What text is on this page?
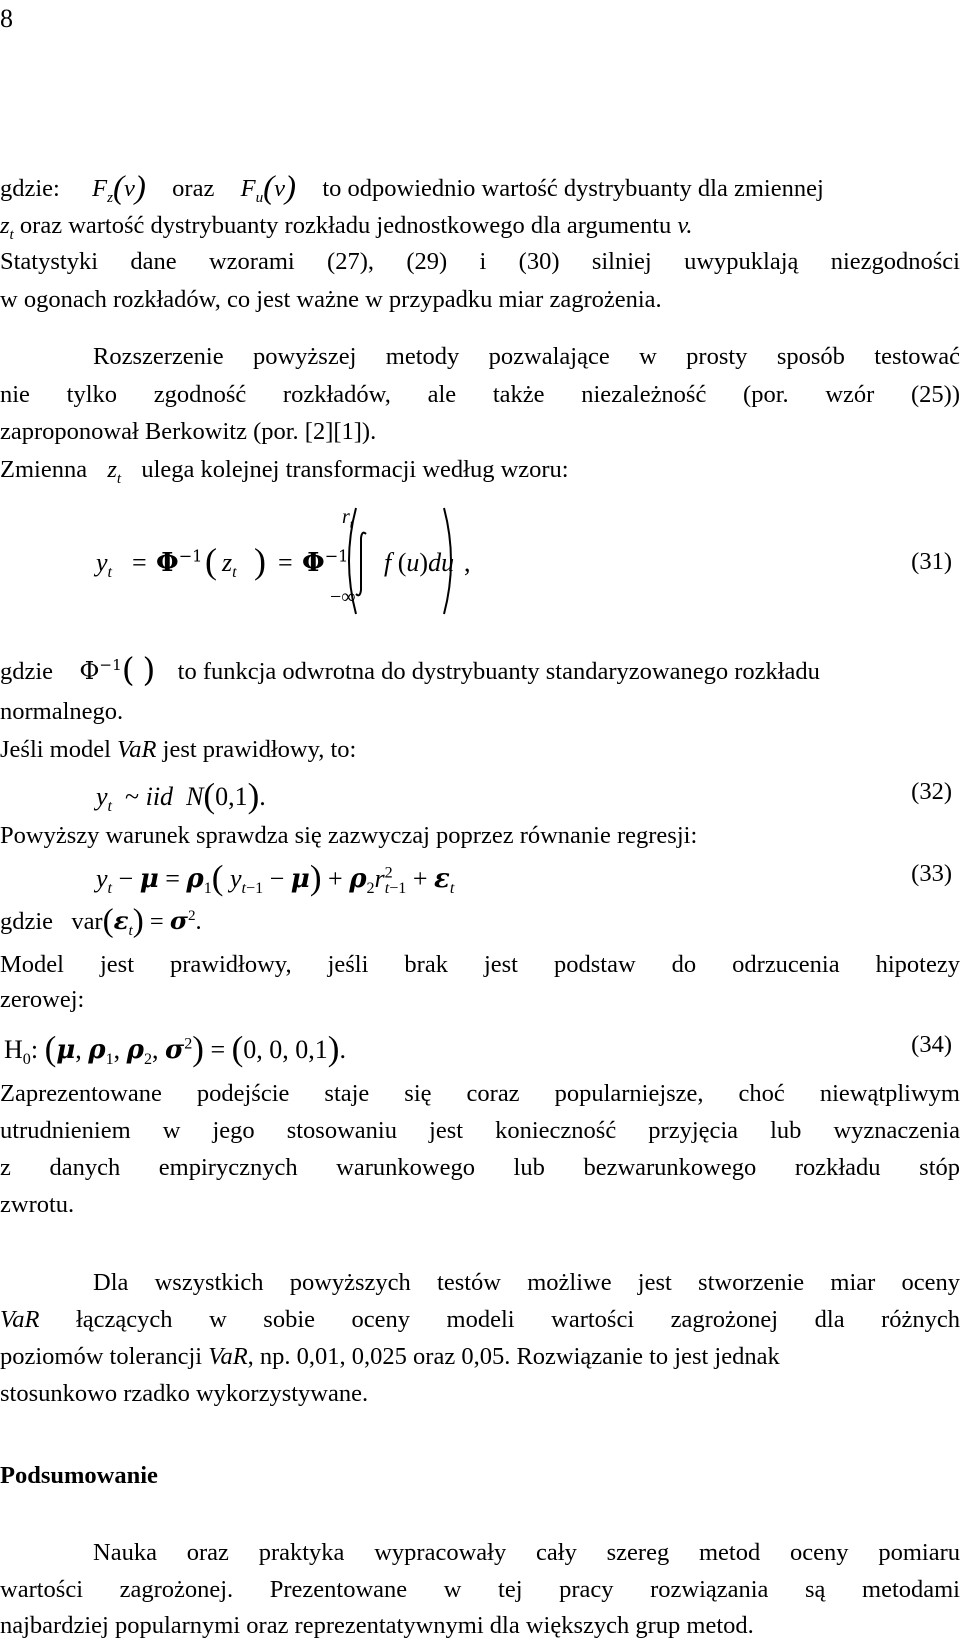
8
gdzie: $F_z(v)$ oraz $F_u(v)$ to odpowiednio wartość dystrybuanty dla zmiennej
$z_t$ oraz wartość dystrybuanty rozkładu jednostkowego dla argumentu v.
Statystyki dane wzorami (27), (29) i (30) silniej uwypuklają niezgodności
w ogonach rozkładów, co jest ważne w przypadku miar zagrożenia.
Rozszerzenie powyższej metody pozwalające w prosty sposób testować
nie tylko zgodność rozkładów, ale także niezależność (por. wzór (25))
zaproponował Berkowitz (por. [2][1]).
Zmienna $z_t$ ulega kolejnej transformacji według wzoru:
$y_t = \Phi^{-1}$ ( $z_t$ ) = $\Phi^{-1}$
$r_t$
−∞
f (u)du ,	(31)
gdzie $\Phi^{-1}$( ) to funkcja odwrotna do dystrybuanty standaryzowanego rozkładu
normalnego.
Jeśli model VaR jest prawidłowy, to:
$y_t$  ~ iid N(0,1).	(32)
Powyższy warunek sprawdza się zazwyczaj poprzez równanie regresji:
$y_t - \mu = \rho_1$( $y_{t-1} - \mu) + \rho_2r^2_{t-1} + \varepsilon_t$
(33)
gdzie $var(\varepsilon_t) = \sigma^2$.
Model jest prawidłowy, jeśli brak jest podstaw do odrzucenia hipotezy
zerowej:
$H_0$: (μ, $\rho_1$, $\rho_2$, $\sigma^2) = (0$, 0, 0,1).	(34)
Zaprezentowane podejście staje się coraz popularniejsze, choć niewątpliwym
utrudnieniem w jego stosowaniu jest konieczność przyjęcia lub wyznaczenia
z danych empirycznych warunkowego lub bezwarunkowego rozkładu stóp
zwrotu.
Dla wszystkich powyższych testów możliwe jest stworzenie miar oceny
VaR łączących w sobie oceny modeli wartości zagrożonej dla różnych
poziomów tolerancji VaR, np. 0,01, 0,025 oraz 0,05. Rozwiązanie to jest jednak
stosunkowo rzadko wykorzystywane.
Podsumowanie
Nauka oraz praktyka wypracowały cały szereg metod oceny pomiaru
wartości zagrożonej. Prezentowane w tej pracy rozwiązania są metodami
najbardziej popularnymi oraz reprezentatywnymi dla większych grup metod.
